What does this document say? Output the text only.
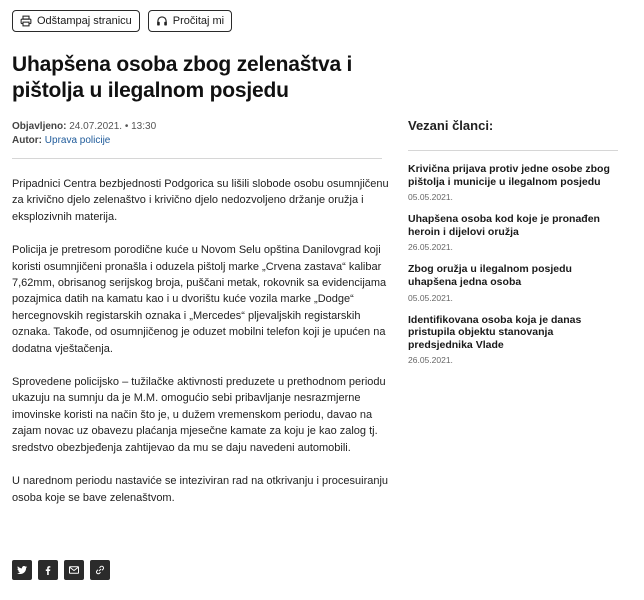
Odštampaj stranicu	Pročitaj mi
Uhapšena osoba zbog zelenaštva i pištolja u ilegalnom posjedu
Objavljeno: 24.07.2021. • 13:30
Autor: Uprava policije

Pripadnici Centra bezbjednosti Podgorica su lišili slobode osobu osumnjičenu za krivično djelo zelenaštvo i krivično djelo nedozvoljeno držanje oružja i eksplozivnih materija.

Policija je pretresom porodične kuće u Novom Selu opština Danilovgrad koji koristi osumnjičeni pronašla i oduzela pištolj marke „Crvena zastava“ kalibar 7,62mm, obrisanog serijskog broja, puščani metak, rokovnik sa evidencijama pozajmica datih na kamatu kao i u dvorištu kuće vozila marke „Dodge“ hercegnovskih registarskih oznaka i „Mercedes“ pljevaljskih registarskih oznaka. Takođe, od osumnjičenog je oduzet mobilni telefon koji je upućen na dodatna vještačenja.

Sprovedene policijsko – tužilačke aktivnosti preduzete u prethodnom periodu ukazuju na sumnju da je M.M. omogućio sebi pribavljanje nesrazmjerne imovinske koristi na način što je, u dužem vremenskom periodu, davao na zajam novac uz obavezu plaćanja mjesečne kamate za koju je kao zalog tj. sredstvo obezbjeđenja zahtijevao da mu se daju navedeni automobili.

U narednom periodu nastaviće se inteziviran rad na otkrivanju i procesuiranju osoba koje se bave zelenaštvom.

Vezani članci:
Krivična prijava protiv jedne osobe zbog pištolja i municije u ilegalnom posjedu
05.05.2021.
Uhapšena osoba kod koje je pronađen heroin i dijelovi oružja
26.05.2021.
Zbog oružja u ilegalnom posjedu uhapšena jedna osoba
05.05.2021.
Identifikovana osoba koja je danas pristupila objektu stanovanja predsjednika Vlade
26.05.2021.
